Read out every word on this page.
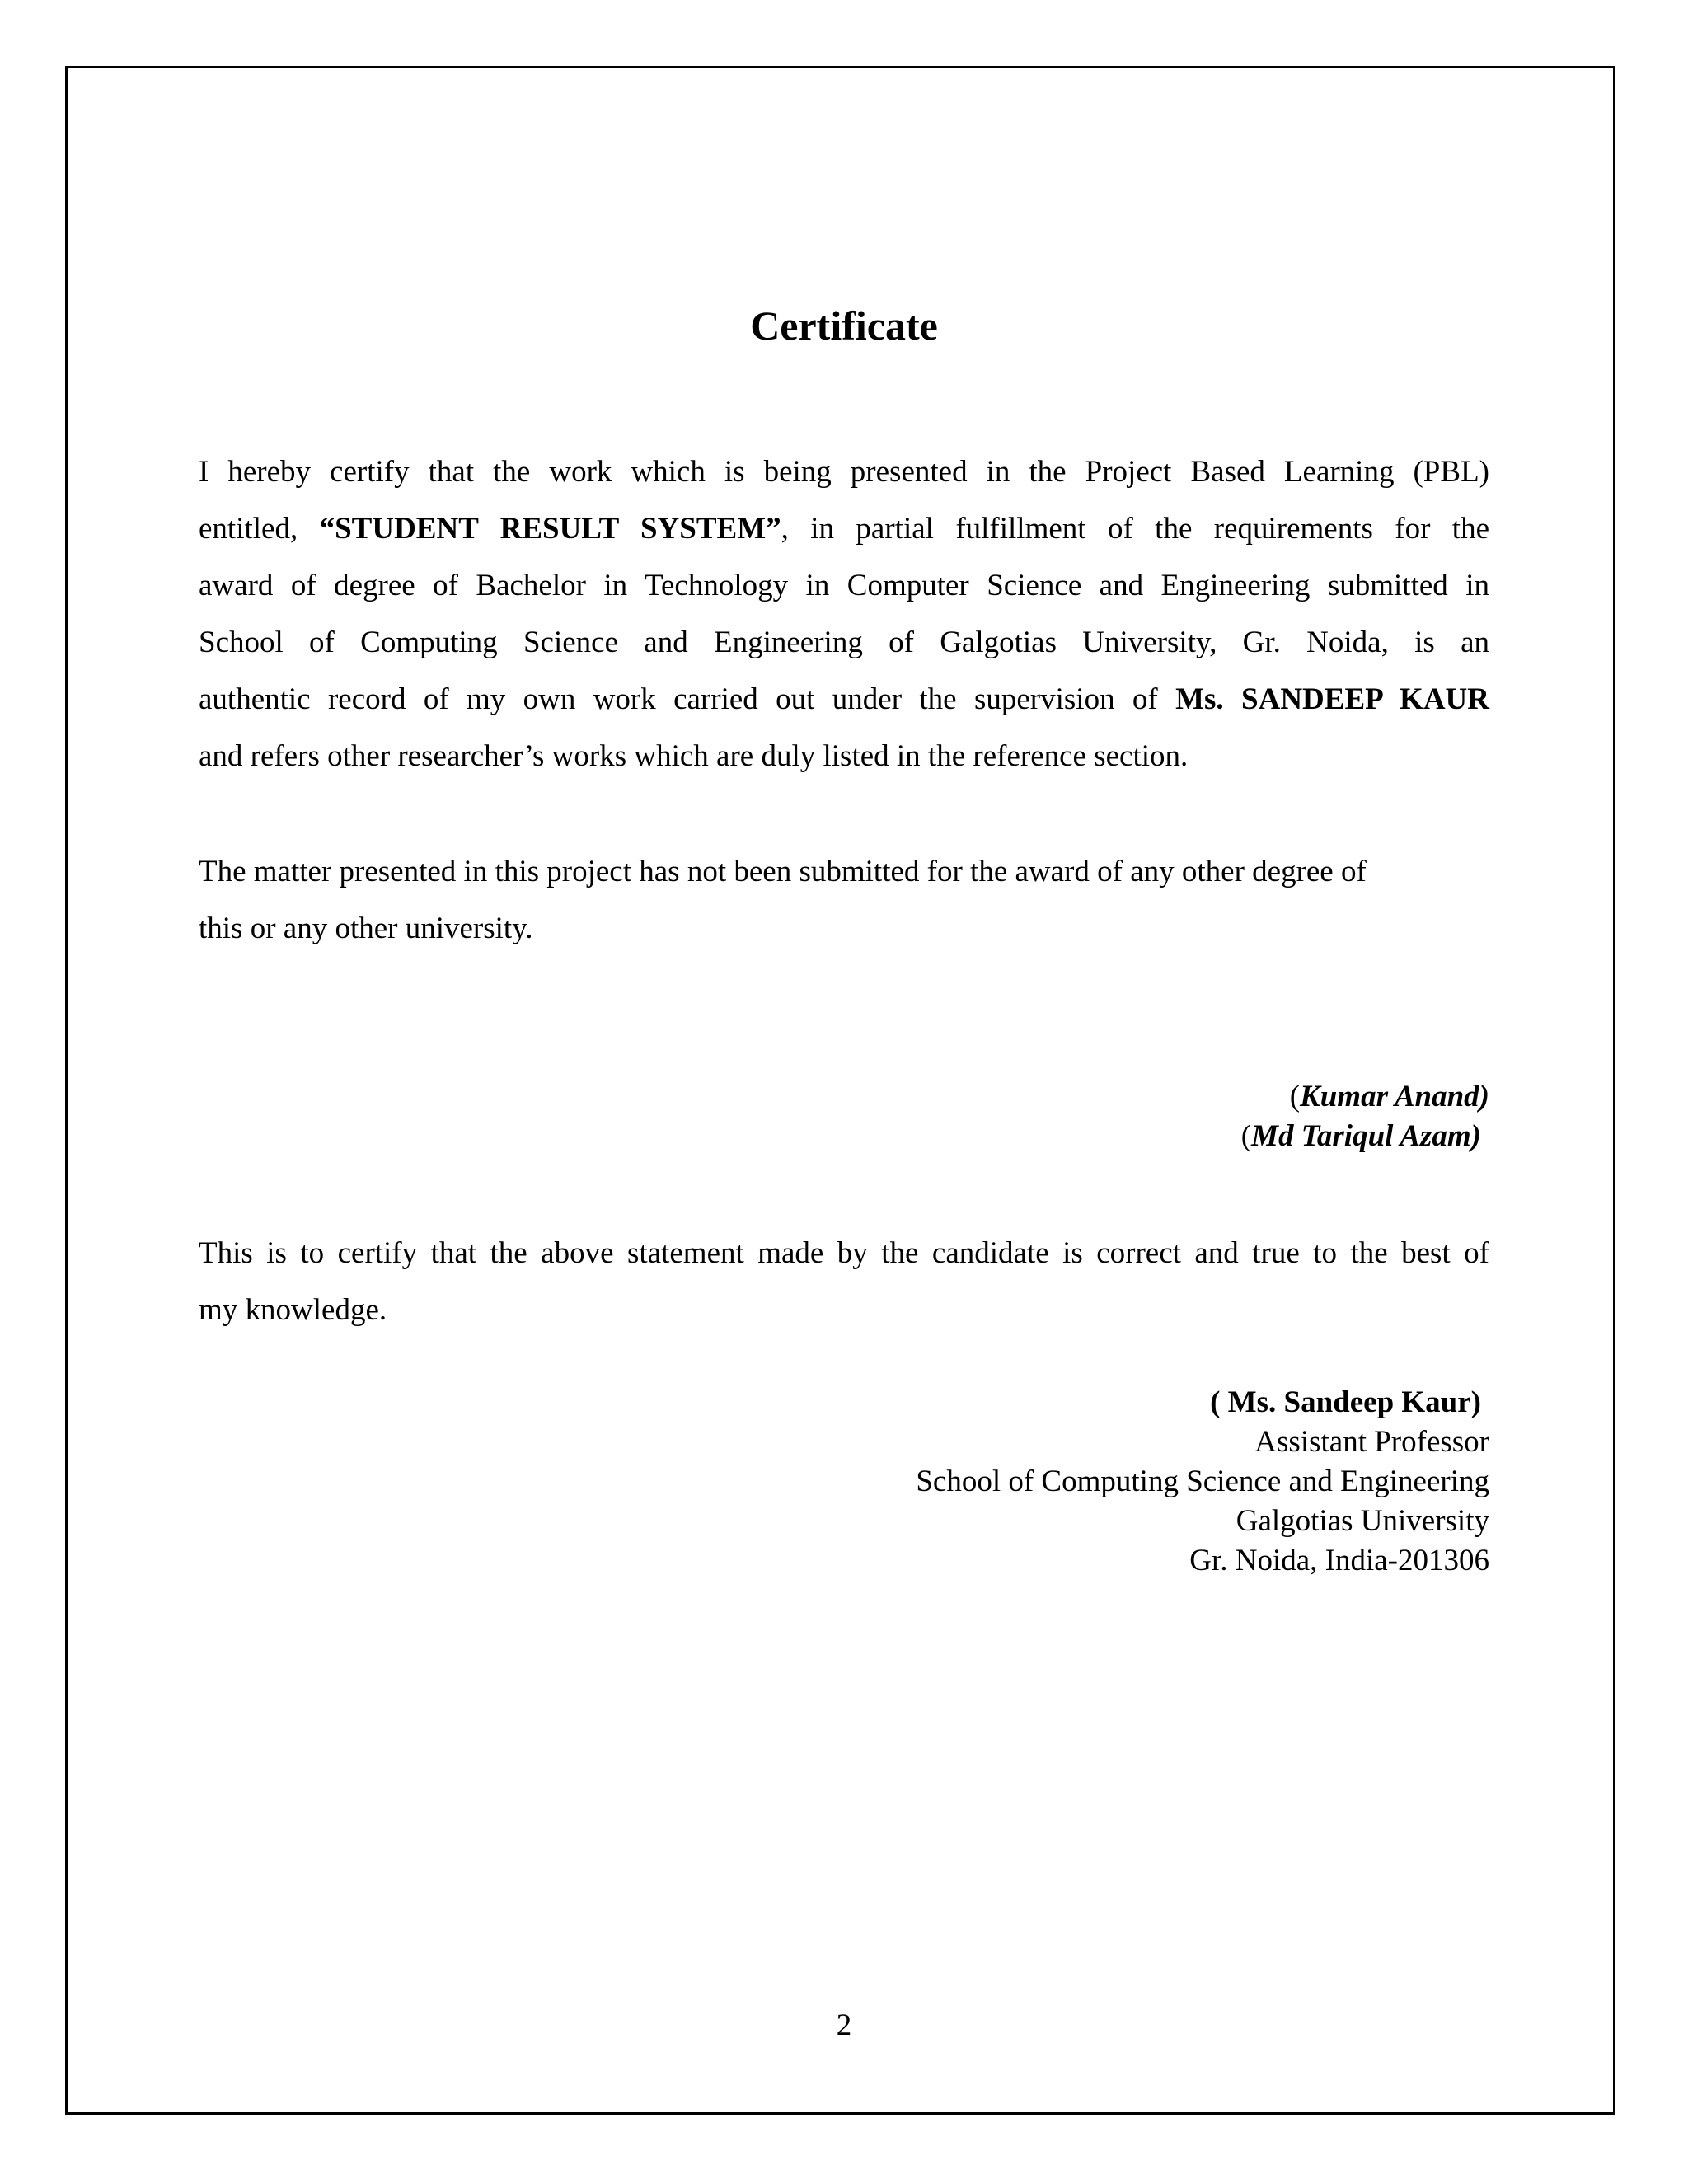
Certificate
I hereby certify that the work which is being presented in the Project Based Learning (PBL)
entitled, “STUDENT RESULT SYSTEM”, in partial fulfillment of the requirements for the
award of degree of Bachelor in Technology in Computer Science and Engineering submitted in
School of Computing Science and Engineering of Galgotias University, Gr. Noida, is an
authentic record of my own work carried out under the supervision of Ms. SANDEEP KAUR
and refers other researcher’s works which are duly listed in the reference section.
The matter presented in this project has not been submitted for the award of any other degree of
this or any other university.
(Kumar Anand)
(Md Tariqul Azam)
This is to certify that the above statement made by the candidate is correct and true to the best of
my knowledge.
( Ms. Sandeep Kaur)
Assistant Professor
School of Computing Science and Engineering
Galgotias University
Gr. Noida, India-201306
2
